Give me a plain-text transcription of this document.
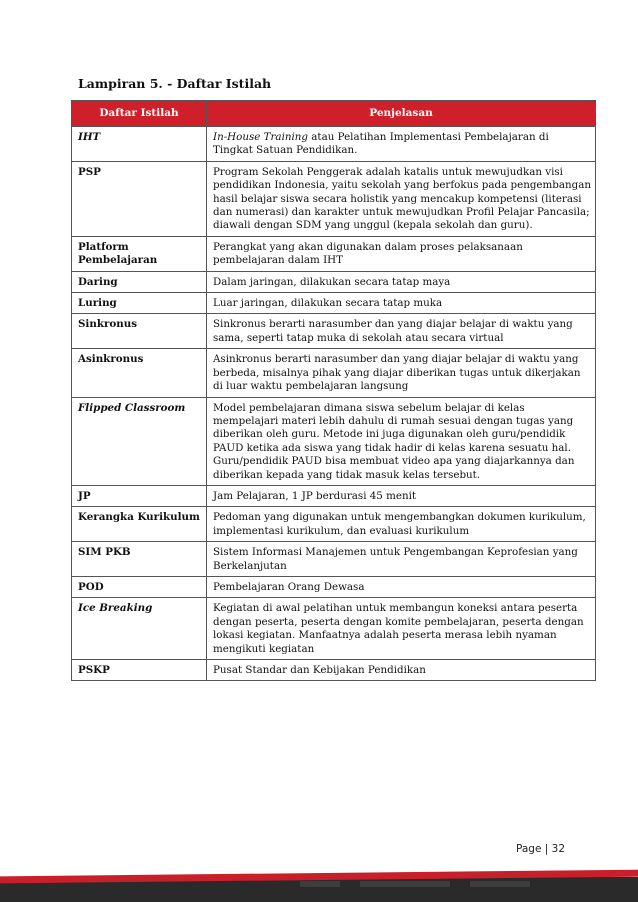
Lampiran 5. - Daftar Istilah
Daftar Istilah	Penjelasan
IHT	In-House Training atau Pelatihan Implementasi Pembelajaran di Tingkat Satuan Pendidikan.
PSP	Program Sekolah Penggerak adalah katalis untuk mewujudkan visi pendidikan Indonesia, yaitu sekolah yang berfokus pada pengembangan hasil belajar siswa secara holistik yang mencakup kompetensi (literasi dan numerasi) dan karakter untuk mewujudkan Profil Pelajar Pancasila; diawali dengan SDM yang unggul (kepala sekolah dan guru).
Platform Pembelajaran	Perangkat yang akan digunakan dalam proses pelaksanaan pembelajaran dalam IHT
Daring	Dalam jaringan, dilakukan secara tatap maya
Luring	Luar jaringan, dilakukan secara tatap muka
Sinkronus	Sinkronus berarti narasumber dan yang diajar belajar di waktu yang sama, seperti tatap muka di sekolah atau secara virtual
Asinkronus	Asinkronus berarti narasumber dan yang diajar belajar di waktu yang berbeda, misalnya pihak yang diajar diberikan tugas untuk dikerjakan di luar waktu pembelajaran langsung
Flipped Classroom	Model pembelajaran dimana siswa sebelum belajar di kelas mempelajari materi lebih dahulu di rumah sesuai dengan tugas yang diberikan oleh guru. Metode ini juga digunakan oleh guru/pendidik PAUD ketika ada siswa yang tidak hadir di kelas karena sesuatu hal. Guru/pendidik PAUD bisa membuat video apa yang diajarkannya dan diberikan kepada yang tidak masuk kelas tersebut.
JP	Jam Pelajaran, 1 JP berdurasi 45 menit
Kerangka Kurikulum	Pedoman yang digunakan untuk mengembangkan dokumen kurikulum, implementasi kurikulum, dan evaluasi kurikulum
SIM PKB	Sistem Informasi Manajemen untuk Pengembangan Keprofesian yang Berkelanjutan
POD	Pembelajaran Orang Dewasa
Ice Breaking	Kegiatan di awal pelatihan untuk membangun koneksi antara peserta dengan peserta, peserta dengan komite pembelajaran, peserta dengan lokasi kegiatan. Manfaatnya adalah peserta merasa lebih nyaman mengikuti kegiatan
PSKP	Pusat Standar dan Kebijakan Pendidikan
Page | 32
